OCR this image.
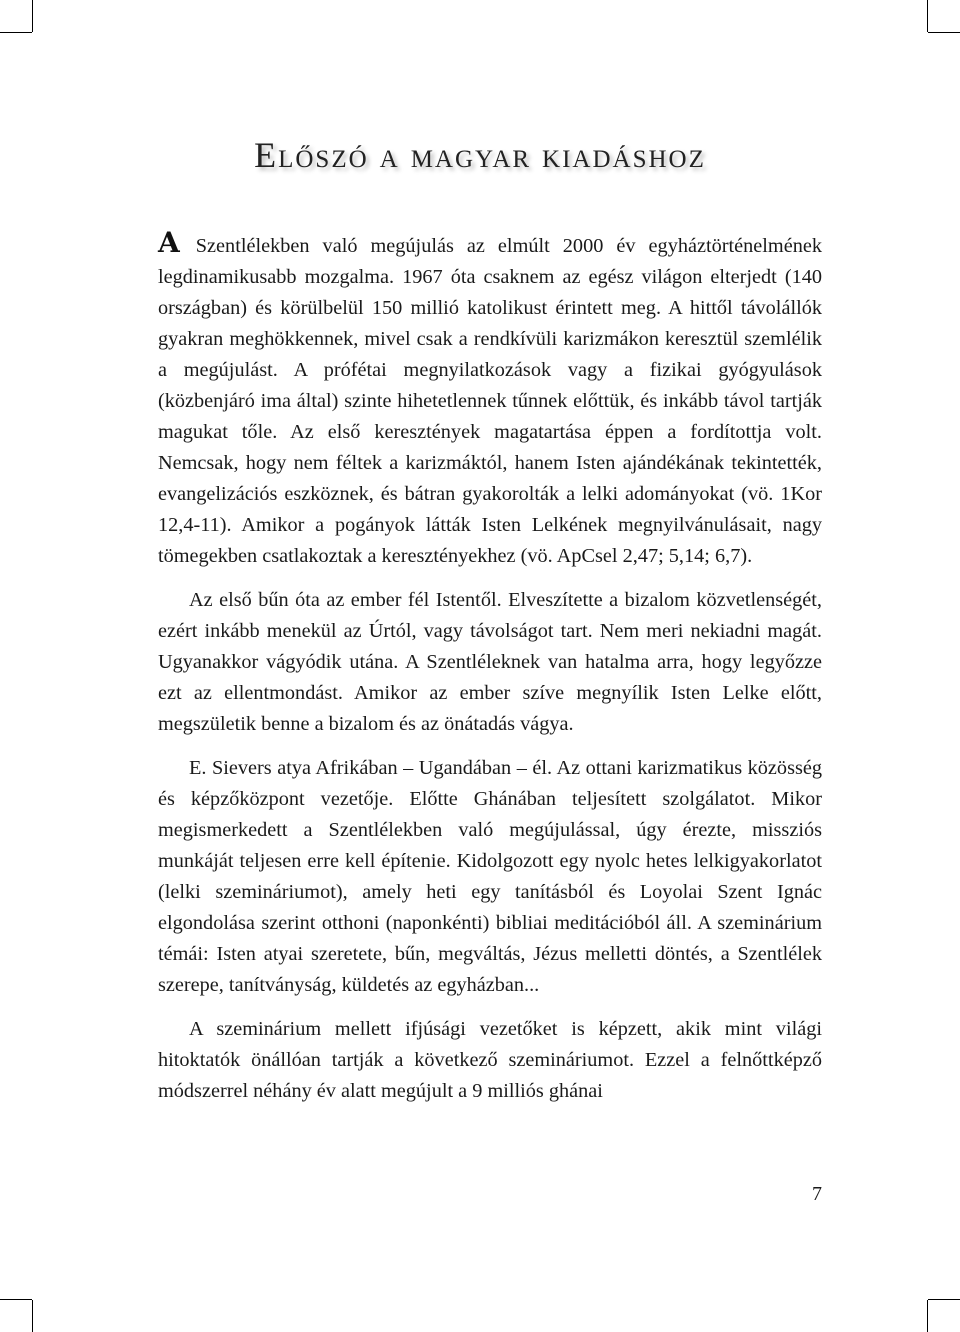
Előszó a magyar kiadáshoz

A Szentlélekben való megújulás az elmúlt 2000 év egyháztörténelmének legdinamikusabb mozgalma. 1967 óta csaknem az egész világon elterjedt (140 országban) és körülbelül 150 millió katolikust érintett meg. A hittől távolállók gyakran meghökkennek, mivel csak a rendkívüli karizmákon keresztül szemlélik a megújulást. A prófétai megnyilatkozások vagy a fizikai gyógyulások (közbenjáró ima által) szinte hihetetlennek tűnnek előttük, és inkább távol tartják magukat tőle. Az első keresztények magatartása éppen a fordítottja volt. Nemcsak, hogy nem féltek a karizmáktól, hanem Isten ajándékának tekintették, evangelizációs eszköznek, és bátran gyakorolták a lelki adományokat (vö. 1Kor 12,4-11). Amikor a pogányok látták Isten Lelkének megnyilvánulásait, nagy tömegekben csatlakoztak a keresztényekhez (vö. ApCsel 2,47; 5,14; 6,7).

Az első bűn óta az ember fél Istentől. Elveszítette a bizalom közvetlenségét, ezért inkább menekül az Úrtól, vagy távolságot tart. Nem meri nekiadni magát. Ugyanakkor vágyódik utána. A Szentléleknek van hatalma arra, hogy legyőzze ezt az ellentmondást. Amikor az ember szíve megnyílik Isten Lelke előtt, megszületik benne a bizalom és az önátadás vágya.

E. Sievers atya Afrikában – Ugandában – él. Az ottani karizmatikus közösség és képzőközpont vezetője. Előtte Ghánában teljesített szolgálatot. Mikor megismerkedett a Szentlélekben való megújulással, úgy érezte, missziós munkáját teljesen erre kell építenie. Kidolgozott egy nyolc hetes lelkigyakorlatot (lelki szemináriumot), amely heti egy tanításból és Loyolai Szent Ignác elgondolása szerint otthoni (naponkénti) bibliai meditációból áll. A szeminárium témái: Isten atyai szeretete, bűn, megváltás, Jézus melletti döntés, a Szentlélek szerepe, tanítványság, küldetés az egyházban...

A szeminárium mellett ifjúsági vezetőket is képzett, akik mint világi hitoktatók önállóan tartják a következő szemináriumot. Ezzel a felnőttképző módszerrel néhány év alatt megújult a 9 milliós ghánai

7
